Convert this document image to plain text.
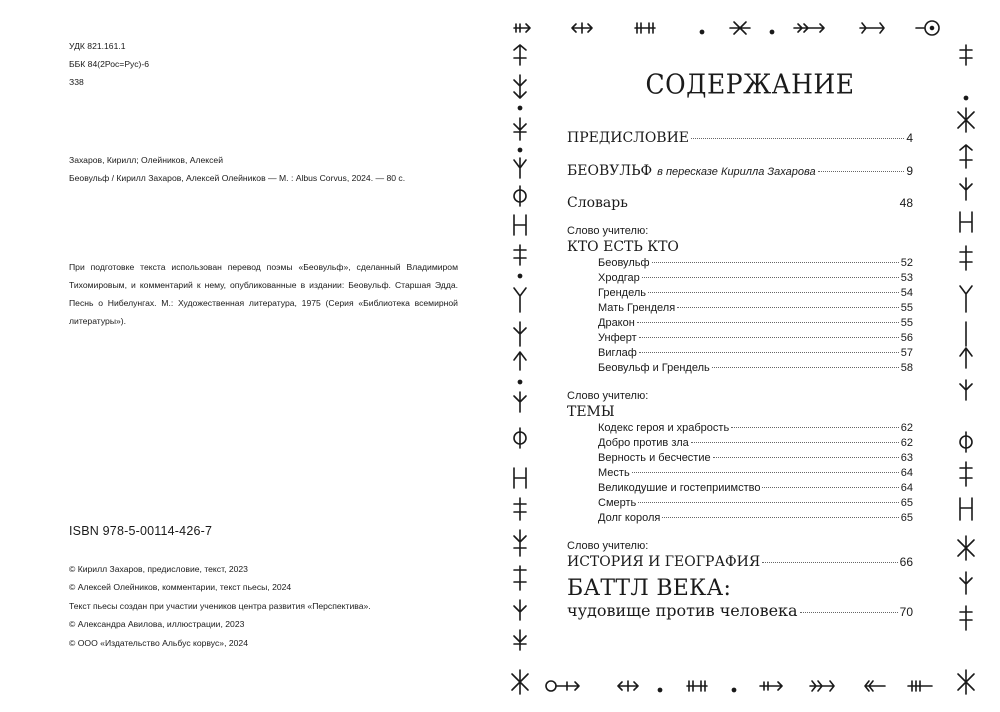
УДК 821.161.1
ББК 84(2Рос=Рус)-6
З38
Захаров, Кирилл; Олейников, Алексей
Беовульф / Кирилл Захаров, Алексей Олейников — М. : Albus Corvus, 2024. — 80 с.

При подготовке текста использован перевод поэмы «Беовульф», сделанный Владимиром Тихомировым, и комментарий к нему, опубликованные в издании: Беовульф. Старшая Эдда. Песнь о Нибелунгах. М.: Художественная литература, 1975 (Серия «Библиотека всемирной литературы»).

ISBN 978-5-00114-426-7
© Кирилл Захаров, предисловие, текст, 2023
© Алексей Олейников, комментарии, текст пьесы, 2024
Текст пьесы создан при участии учеников центра развития «Перспектива».
© Александра Авилова, иллюстрации, 2023
© ООО «Издательство Альбус корвус», 2024
СОДЕРЖАНИЕ
ПРЕДИСЛОВИЕ	4
БЕОВУЛЬФ в пересказе Кирилла Захарова	9
Словарь	48
Слово учителю:
КТО ЕСТЬ КТО
Беовульф	52
Хродгар	53
Грендель	54
Мать Гренделя	55
Дракон	55
Унферт	56
Виглаф	57
Беовульф и Грендель	58
Слово учителю:
ТЕМЫ
Кодекс героя и храбрость	62
Добро против зла	62
Верность и бесчестие	63
Месть	64
Великодушие и гостеприимство	64
Смерть	65
Долг короля	65
Слово учителю:
ИСТОРИЯ И ГЕОГРАФИЯ	66
БАТТЛ ВЕКА:
чудовище против человека	70
